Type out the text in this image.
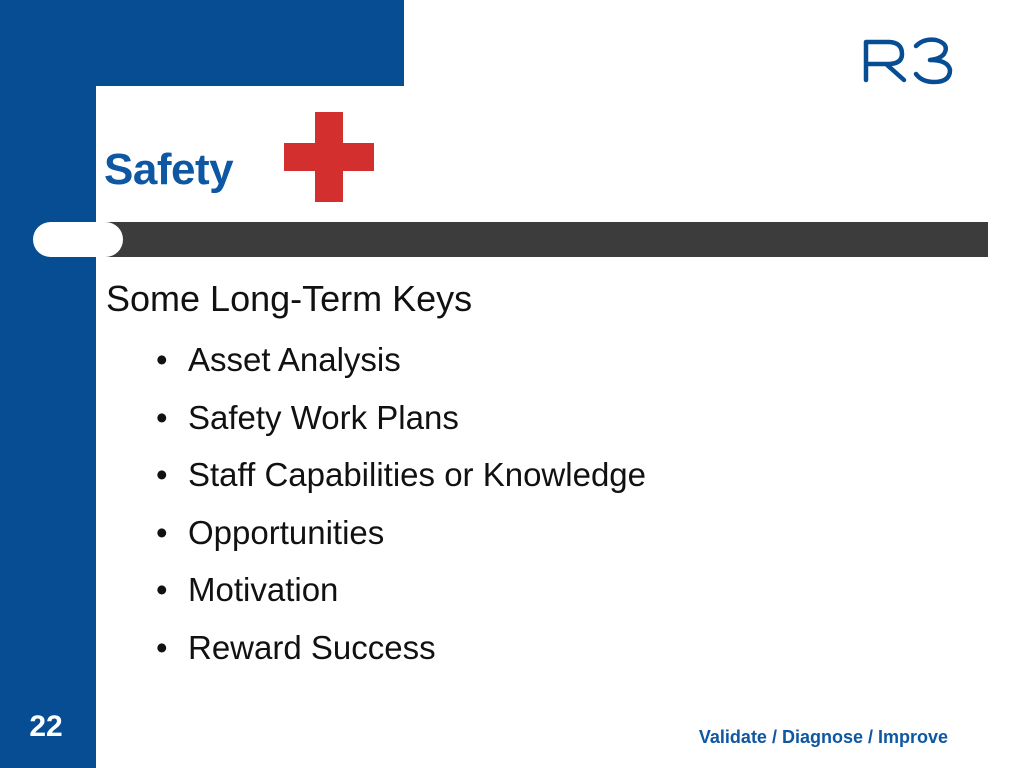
Safety
Some Long-Term Keys
• Asset Analysis
• Safety Work Plans
• Staff Capabilities or Knowledge
• Opportunities
• Motivation
• Reward Success
22	Validate / Diagnose / Improve
